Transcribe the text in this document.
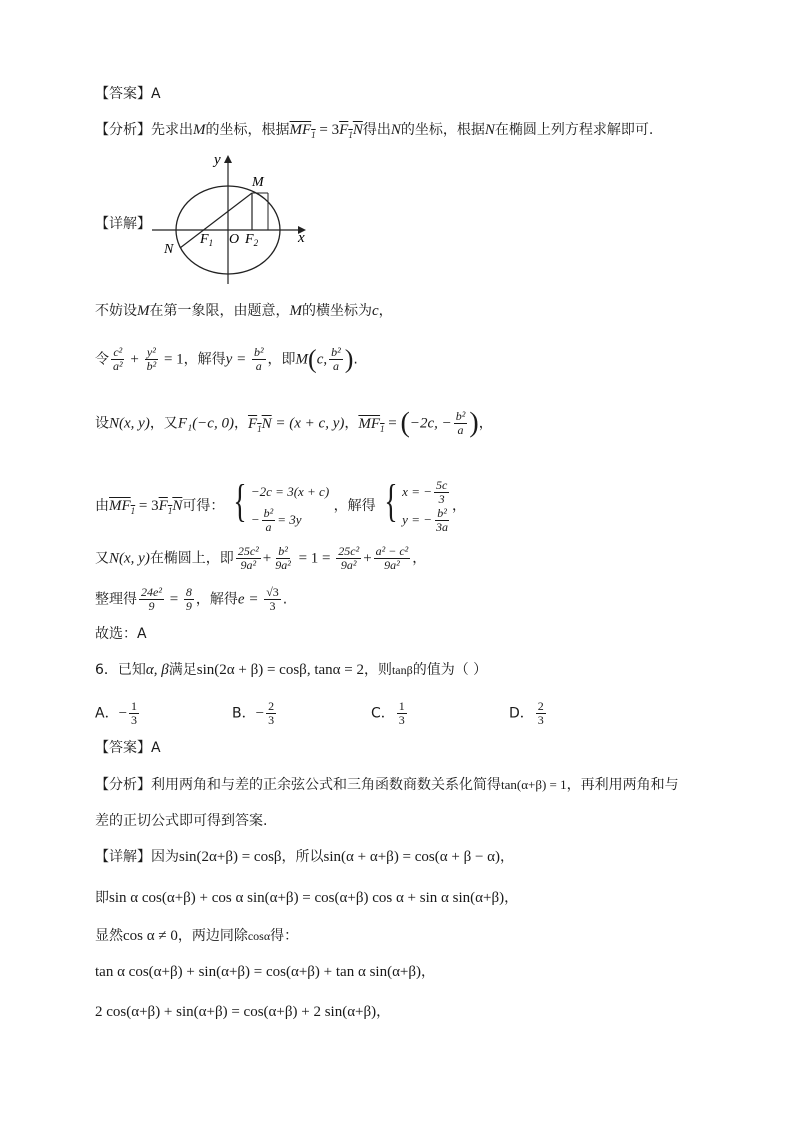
【答案】A
【分析】先求出M的坐标，根据$MF_1 = 3F_1N$得出N的坐标，根据N在椭圆上列方程求解即可.
【详解】
y
x
M
N
$F_1$ O $F_2$
不妨设M在第一象限，由题意，M的横坐标为c，
令 $\frac{\text{c²}}{\text{a²}} + \frac{\text{y²}}{\text{b²}} = 1$，解得$y = \frac{\text{b²}}{a}$ ，即M(c, $\frac{\text{b²}}{a}$ ).
设N(x, y)，又F₁(−c, 0)，$F_1N = (x + c$, y)，$MF_1 = (-2c$, − $\frac{\text{b²}}{a}$ )，
由$MF_1 = 3F_1N$可得： { −2c = 3(x + c)
− $\frac{\text{b²}}{a} = 3y$
，解得 { x = − $\frac{5c}{3}$
y = − $\frac{\text{b²}}{3a}$
，
又N(x, y)在椭圆上，即 $\frac{\text{25c²}}{\text{9a²}} + \frac{\text{b²}}{\text{9a²}} = 1 = \frac{\text{25c²}}{\text{9a²}} + \frac{\text{a² − c²}}{\text{9a²}}$ ，
整理得 $\frac{\text{24e²}}{9} = \frac{8}{9}$ ，解得$e = \frac{√3}{3}$ .
故选：A
6．已知α, β满足sin(2α + β) = cosβ, tanα = 2，则tanβ的值为（ ）
A．− $\frac{1}{3}$	B．− $\frac{2}{3}$	C． $\frac{1}{3}$	D． $\frac{2}{3}$
【答案】A
【分析】利用两角和与差的正余弦公式和三角函数商数关系化简得tan(α+β) = 1，再利用两角和与
差的正切公式即可得到答案.
【详解】因为sin(2α+β) = cosβ，所以sin(α + α+β) = cos(α + β − α)，
即sin α cos(α+β) + cos α sin(α+β) = cos(α+β) cos α + sin α sin(α+β)，
显然cos α ≠ 0，两边同除cosα得：
tan α cos(α+β) + sin(α+β) = cos(α+β) + tan α sin(α+β)，
2 cos(α+β) + sin(α+β) = cos(α+β) + 2 sin(α+β)，
